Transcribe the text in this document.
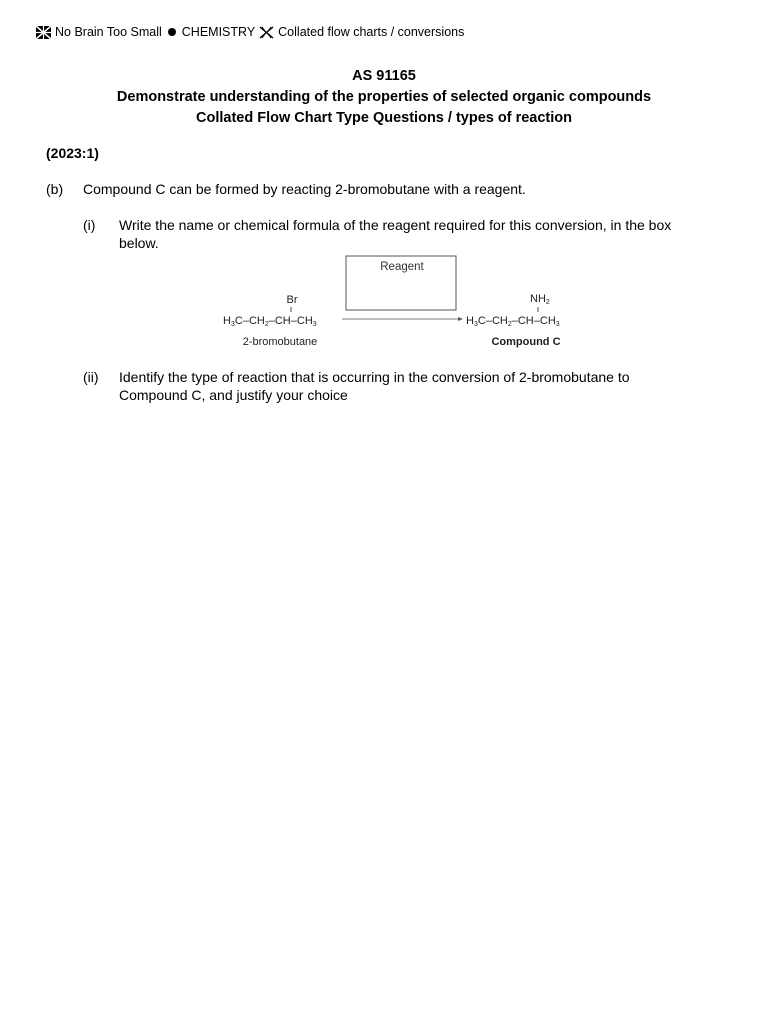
No Brain Too Small CHEMISTRY Collated flow charts / conversions
AS 91165
Demonstrate understanding of the properties of selected organic compounds
Collated Flow Chart Type Questions / types of reaction
(2023:1)
(b) Compound C can be formed by reacting 2-bromobutane with a reagent.
(i) Write the name or chemical formula of the reagent required for this conversion, in the box
below.
Reagent
Br
H3C–CH2–CH–CH3
2-bromobutane
NH2
H3C–CH2–CH–CH3
Compound C
(ii) Identify the type of reaction that is occurring in the conversion of 2-bromobutane to
Compound C, and justify your choice
